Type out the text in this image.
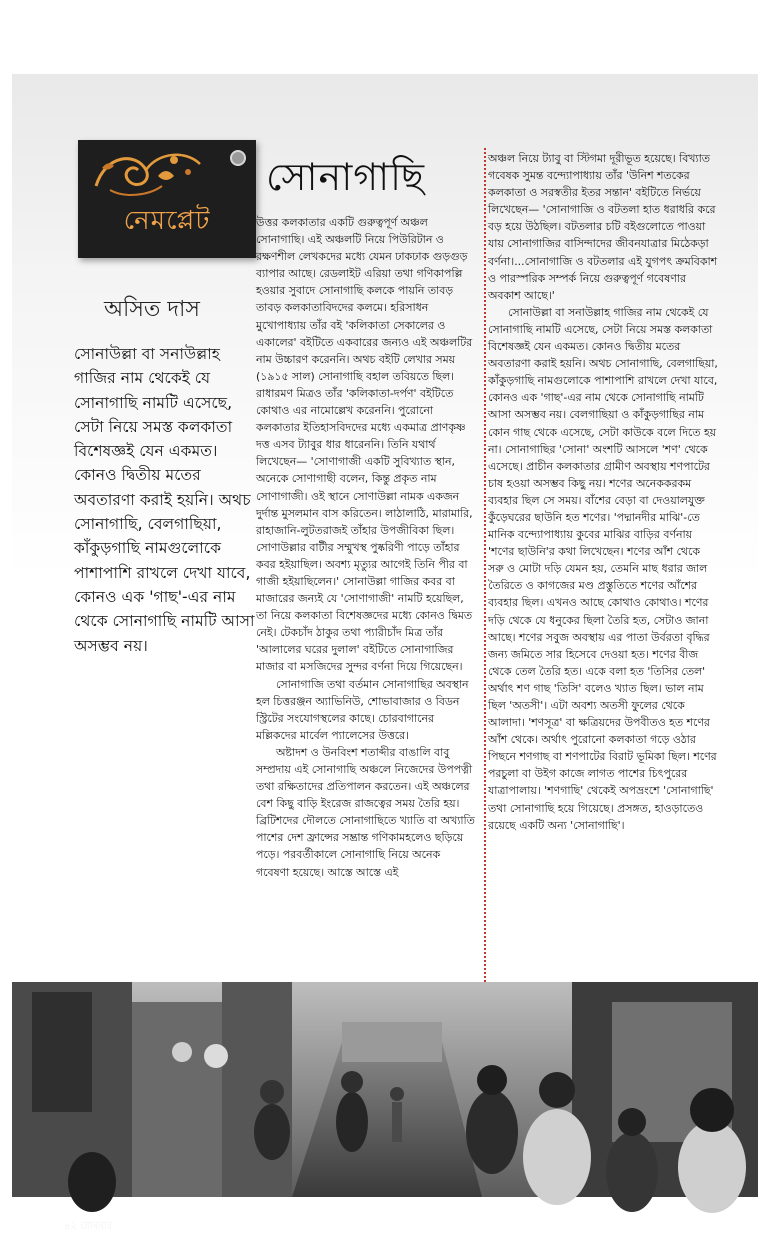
নেমপ্লেট
অসিত দাস
সোনাউল্লা বা সনাউল্লাহ গাজির নাম থেকেই যে সোনাগাছি নামটি এসেছে, সেটা নিয়ে সমস্ত কলকাতা বিশেষজ্ঞই যেন একমত। কোনও দ্বিতীয় মতের অবতারণা করাই হয়নি। অথচ সোনাগাছি, বেলগাছিয়া, কাঁকুড়গাছি নামগুলোকে পাশাপাশি রাখলে দেখা যাবে, কোনও এক 'গাছ'-এর নাম থেকে সোনাগাছি নামটি আসা অসম্ভব নয়।
সোনাগাছি

উত্তর কলকাতার একটি গুরুত্বপূর্ণ অঞ্চল সোনাগাছি। এই অঞ্চলটি নিয়ে পিউরিটান ও রক্ষণশীল লেখকদের মধ্যে যেমন ঢাকঢাক গুড়গুড় ব্যাপার আছে। রেডলাইট এরিয়া তথা গণিকাপল্লি হওয়ার সুবাদে সোনাগাছি কলকে পায়নি তাবড় তাবড় কলকাতাবিদদের কলমে। হরিসাধন মুখোপাধ্যায় তাঁর বই 'কলিকাতা সেকালের ও একালের' বইটিতে একবারের জন্যও এই অঞ্চলটির নাম উচ্চারণ করেননি। অথচ বইটি লেখার সময় (১৯১৫ সাল) সোনাগাছি বহাল তবিয়তে ছিল। রাধারমণ মিত্রও তাঁর 'কলিকাতা-দর্পণ' বইটিতে কোথাও এর নামোল্লেখ করেননি। পুরোনো কলকাতার ইতিহাসবিদদের মধ্যে একমাত্র প্রাণকৃষ্ণ দত্ত এসব ট্যাবুর ধার ধারেননি। তিনি যথার্থ লিখেছেন— 'সোণাগাজী একটি সুবিখ্যাত স্থান, অনেকে সোণাগাছী বলেন, কিন্তু প্রকৃত নাম সোণাগাজী। ওই স্থানে সোণাউল্লা নামক একজন দুর্দান্ত মুসলমান বাস করিতেন। লাঠালাঠি, মারামারি, রাহাজানি-লুটতরাজই তাঁহার উপজীবিকা ছিল। সোণাউল্লার বাটীর সম্মুখস্থ পুষ্করিণী পাড়ে তাঁহার কবর হইয়াছিল। অবশ্য মৃত্যুর আগেই তিনি পীর বা গাজী হইয়াছিলেন।' সোনাউল্লা গাজির কবর বা মাজারের জন্যই যে 'সোণাগাজী' নামটি হয়েছিল, তা নিয়ে কলকাতা বিশেষজ্ঞদের মধ্যে কোনও দ্বিমত নেই। টেকচাঁদ ঠাকুর তথা প্যারীচাঁদ মিত্র তাঁর 'আলালের ঘরের দুলাল' বইটিতে সোনাগাজির মাজার বা মসজিদের সুন্দর বর্ণনা দিয়ে গিয়েছেন।

সোনাগাজি তথা বর্তমান সোনাগাছির অবস্থান হল চিত্তরঞ্জন অ্যাভিনিউ, শোভাবাজার ও বিডন স্ট্রিটের সংযোগস্থলের কাছে। চোরবাগানের মল্লিকদের মার্বেল প্যালেসের উত্তরে।

অষ্টাদশ ও উনবিংশ শতাব্দীর বাঙালি বাবু সম্প্রদায় এই সোনাগাছি অঞ্চলে নিজেদের উপপত্নী তথা রক্ষিতাদের প্রতিপালন করতেন। এই অঞ্চলের বেশ কিছু বাড়ি ইংরেজ রাজত্বের সময় তৈরি হয়। ব্রিটিশদের দৌলতে সোনাগাছিতে খ্যাতি বা অখ্যাতি পাশের দেশ ফ্রান্সের সম্ভ্রান্ত গণিকামহলেও ছড়িয়ে পড়ে। পরবর্তীকালে সোনাগাছি নিয়ে অনেক গবেষণা হয়েছে। আস্তে আস্তে এই

অঞ্চল নিয়ে ট্যাবু বা স্টিগমা দূরীভূত হয়েছে। বিখ্যাত গবেষক সুমন্ত বন্দ্যোপাধ্যায় তাঁর 'উনিশ শতকের কলকাতা ও সরস্বতীর ইতর সন্তান' বইটিতে নির্ভয়ে লিখেছেন— 'সোনাগাজি ও বটতলা হাত ধরাধরি করে বড় হয়ে উঠছিল। বটতলার চটি বইগুলোতে পাওয়া যায় সোনাগাজির বাসিন্দাদের জীবনযাত্রার মিঠেকড়া বর্ণনা।...সোনাগাজি ও বটতলার এই যুগপৎ ক্রমবিকাশ ও পারস্পরিক সম্পর্ক নিয়ে গুরুত্বপূর্ণ গবেষণার অবকাশ আছে।'

সোনাউল্লা বা সনাউল্লাহ গাজির নাম থেকেই যে সোনাগাছি নামটি এসেছে, সেটা নিয়ে সমস্ত কলকাতা বিশেষজ্ঞই যেন একমত। কোনও দ্বিতীয় মতের অবতারণা করাই হয়নি। অথচ সোনাগাছি, বেলগাছিয়া, কাঁকুড়গাছি নামগুলোকে পাশাপাশি রাখলে দেখা যাবে, কোনও এক 'গাছ'-এর নাম থেকে সোনাগাছি নামটি আসা অসম্ভব নয়। বেলগাছিয়া ও কাঁকুড়গাছির নাম কোন গাছ থেকে এসেছে, সেটা কাউকে বলে দিতে হয় না। সোনাগাছির 'সোনা' অংশটি আসলে 'শণ' থেকে এসেছে। প্রাচীন কলকাতার গ্রামীণ অবস্থায় শণপাটের চাষ হওয়া অসম্ভব কিছু নয়। শণের অনেককরকম ব্যবহার ছিল সে সময়। বাঁশের বেড়া বা দেওয়ালযুক্ত কুঁড়েঘরের ছাউনি হত শণের। 'পদ্মানদীর মাঝি'-তে মানিক বন্দ্যোপাধ্যায় কুবের মাঝির বাড়ির বর্ণনায় 'শণের ছাউনি'র কথা লিখেছেন। শণের আঁশ থেকে সরু ও মোটা দড়ি যেমন হয়, তেমনি মাছ ধরার জাল তৈরিতে ও কাগজের মণ্ড প্রস্তুতিতে শণের আঁশের ব্যবহার ছিল। এখনও আছে কোথাও কোথাও। শণের দড়ি থেকে যে ধনুকের ছিলা তৈরি হত, সেটাও জানা আছে। শণের সবুজ অবস্থায় এর পাতা উর্বরতা বৃদ্ধির জন্য জমিতে সার হিসেবে দেওয়া হত। শণের বীজ থেকে তেল তৈরি হত। একে বলা হত 'তিসির তেল' অর্থাৎ শণ গাছ 'তিসি' বলেও খ্যাত ছিল। ভাল নাম ছিল 'অতসী'। এটা অবশ্য অতসী ফুলের থেকে আলাদা। 'শণসূত্র' বা ক্ষত্রিয়দের উপবীতও হত শণের আঁশ থেকে। অর্থাৎ পুরোনো কলকাতা গড়ে ওঠার পিছনে শণগাছ বা শণপাটের বিরাট ভূমিকা ছিল। শণের পরচুলা বা উইগ কাজে লাগত পাশের চিৎপুরের যাত্রাপালায়। 'শণগাছি' থেকেই অপভ্রংশে 'সোনাগাছি' তথা সোনাগাছি হয়ে গিয়েছে। প্রসঙ্গত, হাওড়াতেও রয়েছে একটি অন্য 'সোনাগাছি'।

৪২ রোববার
